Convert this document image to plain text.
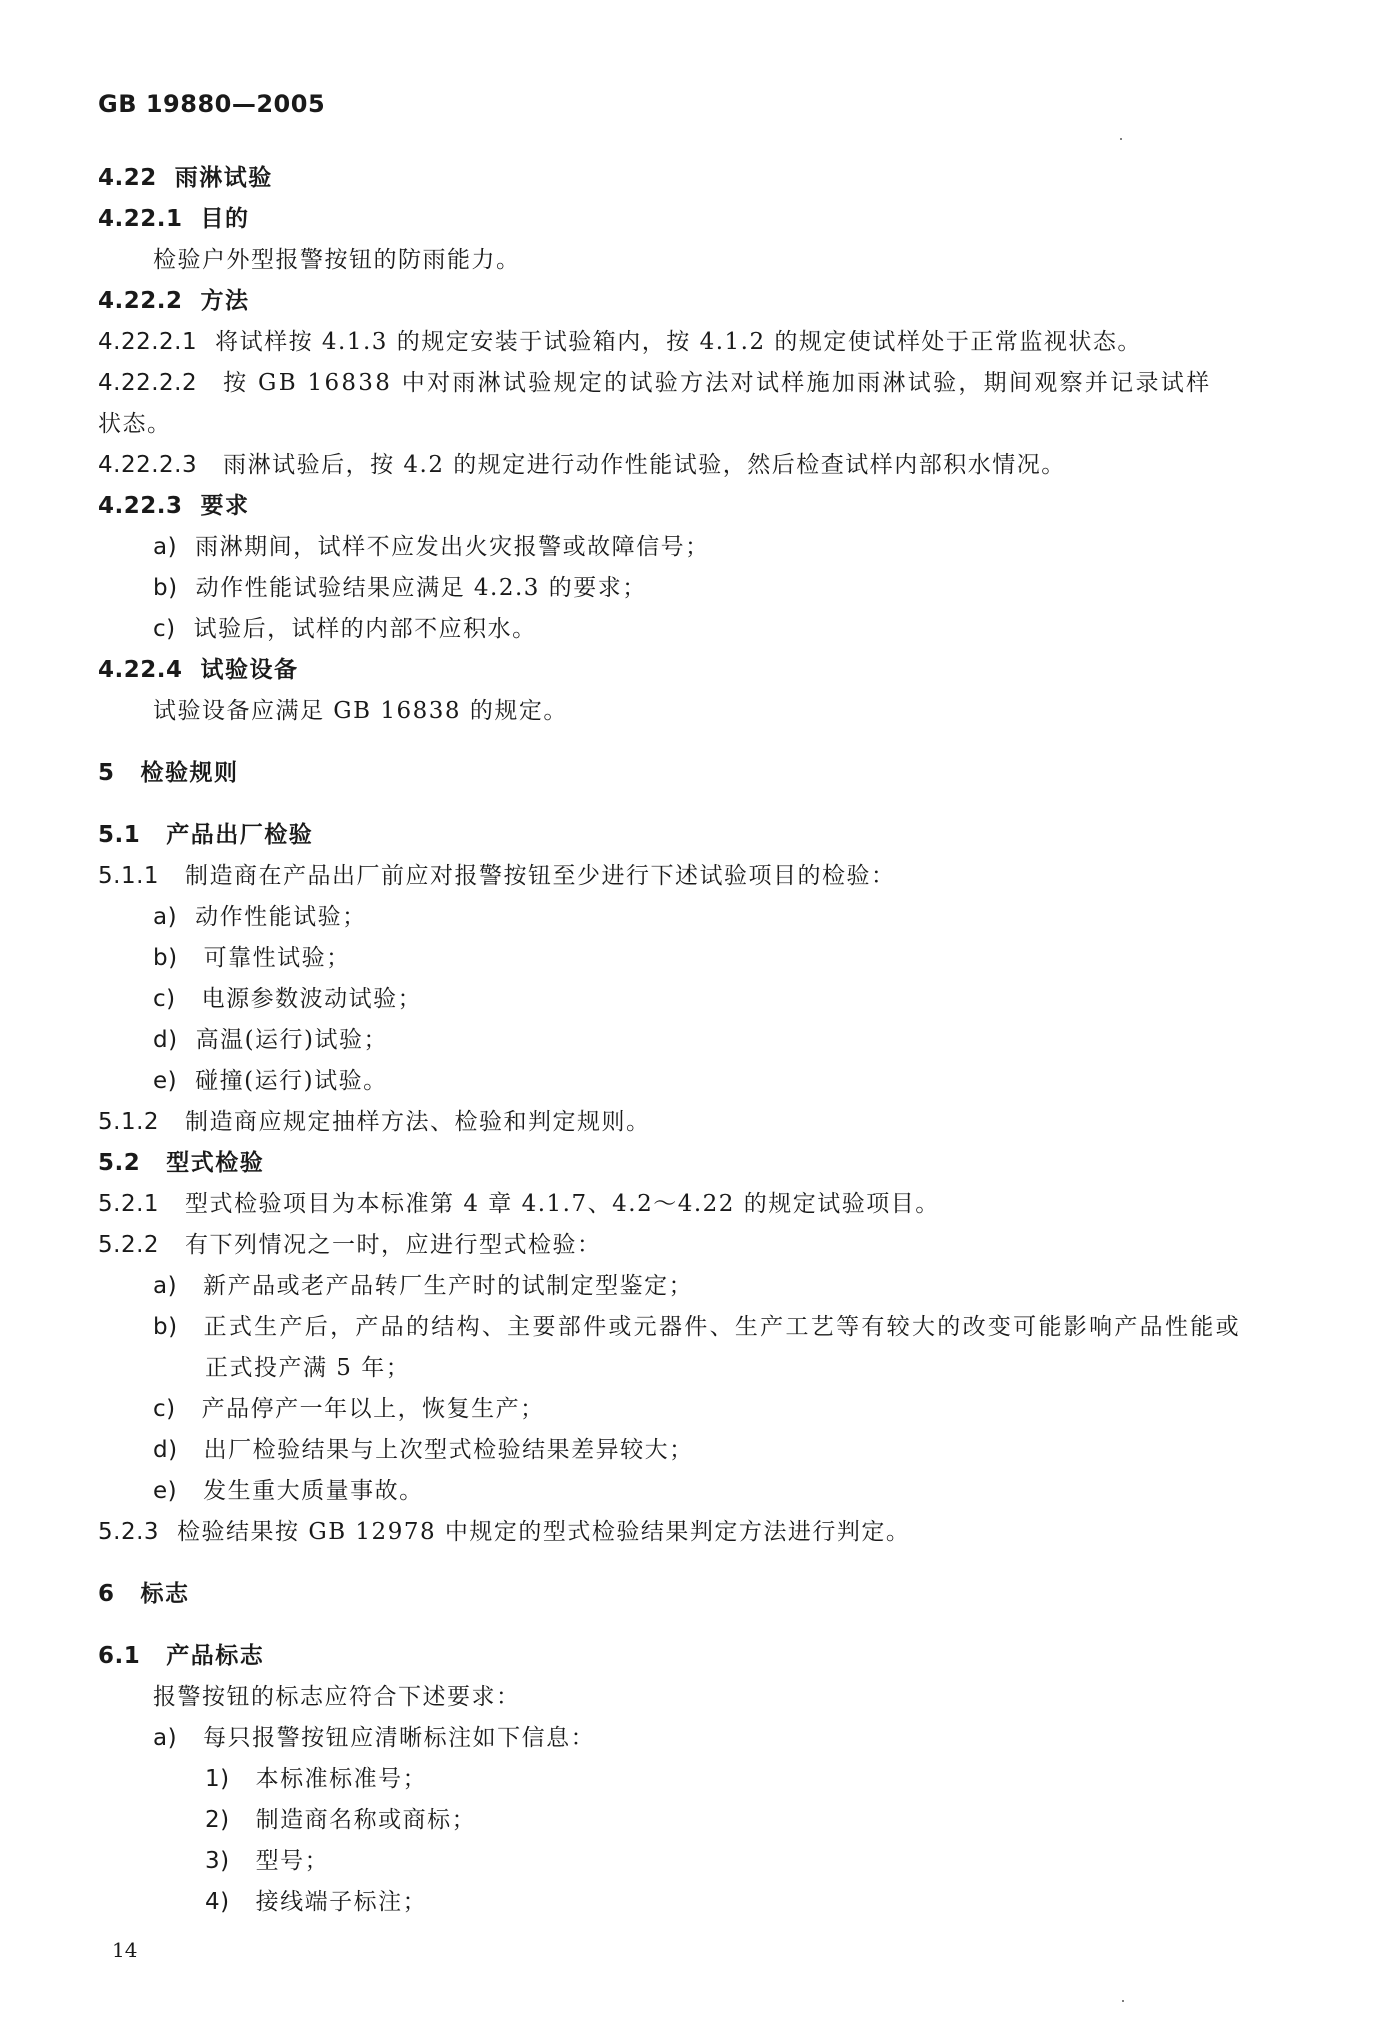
GB 19880—2005
4.22 雨淋试验
4.22.1 目的
检验户外型报警按钮的防雨能力。
4.22.2 方法
4.22.2.1 将试样按 4.1.3 的规定安装于试验箱内，按 4.1.2 的规定使试样处于正常监视状态。
4.22.2.2 按 GB 16838 中对雨淋试验规定的试验方法对试样施加雨淋试验，期间观察并记录试样
状态。
4.22.2.3 雨淋试验后，按 4.2 的规定进行动作性能试验，然后检查试样内部积水情况。
4.22.3 要求
a) 雨淋期间，试样不应发出火灾报警或故障信号；
b) 动作性能试验结果应满足 4.2.3 的要求；
c) 试验后，试样的内部不应积水。
4.22.4 试验设备
试验设备应满足 GB 16838 的规定。
5 检验规则
5.1 产品出厂检验
5.1.1 制造商在产品出厂前应对报警按钮至少进行下述试验项目的检验：
a) 动作性能试验；
b) 可靠性试验；
c) 电源参数波动试验；
d) 高温(运行)试验；
e) 碰撞(运行)试验。
5.1.2 制造商应规定抽样方法、检验和判定规则。
5.2 型式检验
5.2.1 型式检验项目为本标准第 4 章 4.1.7、4.2～4.22 的规定试验项目。
5.2.2 有下列情况之一时，应进行型式检验：
a) 新产品或老产品转厂生产时的试制定型鉴定；
b) 正式生产后，产品的结构、主要部件或元器件、生产工艺等有较大的改变可能影响产品性能或
正式投产满 5 年；
c) 产品停产一年以上，恢复生产；
d) 出厂检验结果与上次型式检验结果差异较大；
e) 发生重大质量事故。
5.2.3 检验结果按 GB 12978 中规定的型式检验结果判定方法进行判定。
6 标志
6.1 产品标志
报警按钮的标志应符合下述要求：
a) 每只报警按钮应清晰标注如下信息：
1) 本标准标准号；
2) 制造商名称或商标；
3) 型号；
4) 接线端子标注；
14
